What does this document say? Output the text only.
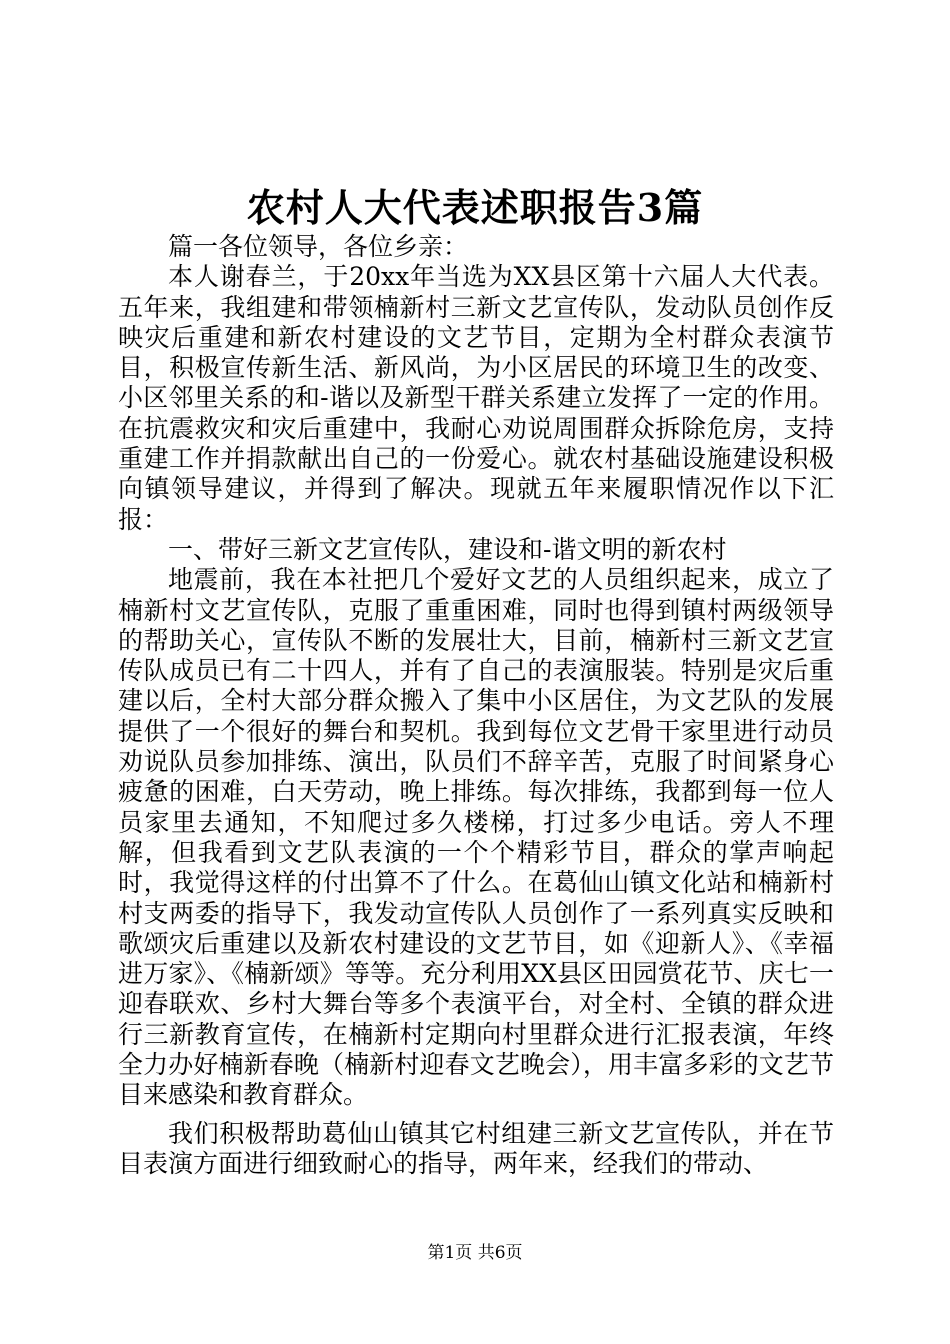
农村人大代表述职报告3篇

篇一各位领导，各位乡亲：

本人谢春兰，于20xx年当选为XX县区第十六届人大代表。五年来，我组建和带领楠新村三新文艺宣传队，发动队员创作反映灾后重建和新农村建设的文艺节目，定期为全村群众表演节目，积极宣传新生活、新风尚，为小区居民的环境卫生的改变、小区邻里关系的和-谐以及新型干群关系建立发挥了一定的作用。在抗震救灾和灾后重建中，我耐心劝说周围群众拆除危房，支持重建工作并捐款献出自己的一份爱心。就农村基础设施建设积极向镇领导建议，并得到了解决。现就五年来履职情况作以下汇报：

一、带好三新文艺宣传队，建设和-谐文明的新农村

地震前，我在本社把几个爱好文艺的人员组织起来，成立了楠新村文艺宣传队，克服了重重困难，同时也得到镇村两级领导的帮助关心，宣传队不断的发展壮大，目前，楠新村三新文艺宣传队成员已有二十四人，并有了自己的表演服装。特别是灾后重建以后，全村大部分群众搬入了集中小区居住，为文艺队的发展提供了一个很好的舞台和契机。我到每位文艺骨干家里进行动员劝说队员参加排练、演出，队员们不辞辛苦，克服了时间紧身心疲惫的困难，白天劳动，晚上排练。每次排练，我都到每一位人员家里去通知，不知爬过多久楼梯，打过多少电话。旁人不理解，但我看到文艺队表演的一个个精彩节目，群众的掌声响起时，我觉得这样的付出算不了什么。在葛仙山镇文化站和楠新村村支两委的指导下，我发动宣传队人员创作了一系列真实反映和歌颂灾后重建以及新农村建设的文艺节目，如《迎新人》、《幸福进万家》、《楠新颂》等等。充分利用XX县区田园赏花节、庆七一迎春联欢、乡村大舞台等多个表演平台，对全村、全镇的群众进行三新教育宣传，在楠新村定期向村里群众进行汇报表演，年终全力办好楠新春晚（楠新村迎春文艺晚会），用丰富多彩的文艺节目来感染和教育群众。

我们积极帮助葛仙山镇其它村组建三新文艺宣传队，并在节目表演方面进行细致耐心的指导，两年来，经我们的带动、

第1页 共6页
